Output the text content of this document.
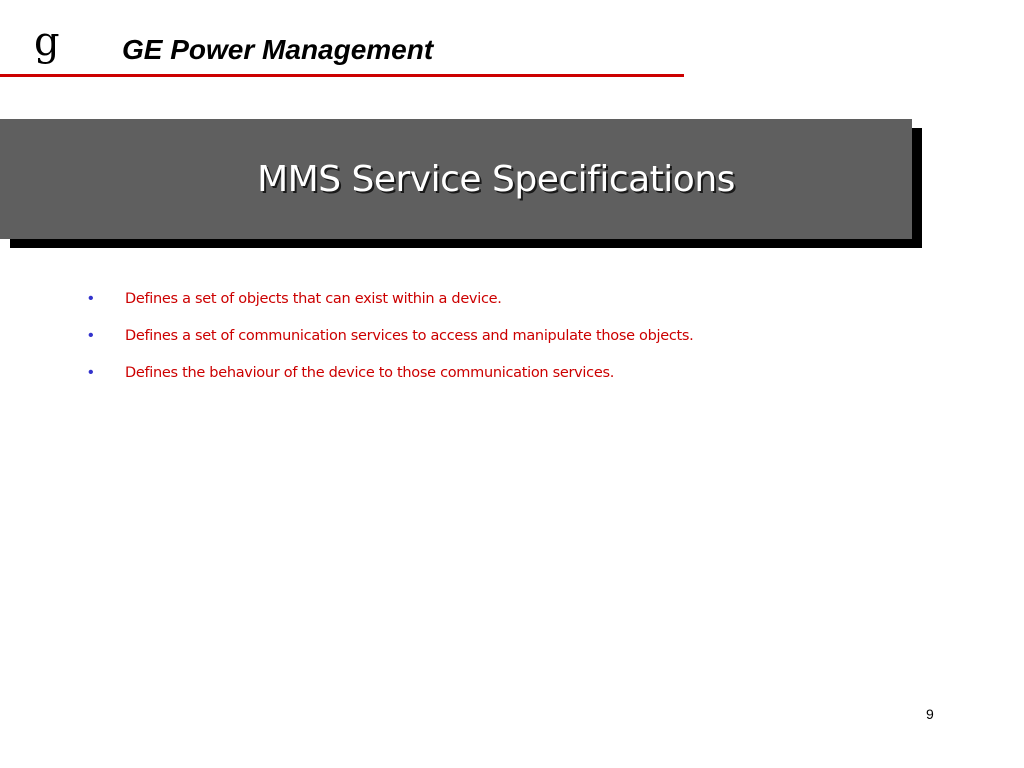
g GE Power Management
MMS Service Specifications
•	Defines a set of objects that can exist within a device.
•	Defines a set of communication services to access and manipulate those objects.
•	Defines the behaviour of the device to those communication services.
9
